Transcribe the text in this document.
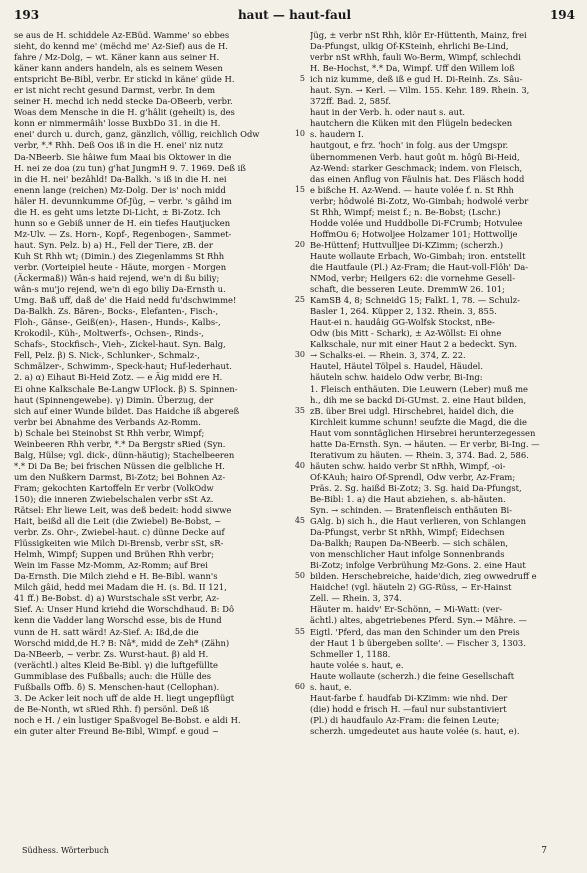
193	haut — haut-faul	194
se aus de H. schiddele Az-EBüd. Wamme' so ebbes
sieht, do kennd me' (mëchd me' Az-Sief) aus de H.
fahre / Mz-Dolg, ~ wt. Käner kann aus seiner H.
käner kann anders handeln, als es seinem Wesen
entspricht Be-Bibl, verbr. Er stickd in käne' güde H.
er ist nicht recht gesund Darmst, verbr. In dem
seiner H. mechd ich nedd stecke Da-OBeerb, verbr.
Woas dem Mensche in die H. g'hâlit (geheilt) is, des
konn er nimmermâih' losse BuxbDo 31. in die H.
enei' durch u. durch, ganz, gänzlich, völlig, reichlich Odw
verbr, *.* Rhh. Deß Oos iß in die H. enei' niz nutz
Da-NBeerb. Sie hâiwe fum Maai bis Oktower in die
H. nei ze doa (zu tun) g'hat JungmH 9. 7. 1969. Deß iß
in die H. nei' bezâhld! Da-Balkh. 's iß in die H. nei
enenn lange (reichen) Mz-Dolg. Der is' noch midd
häler H. devunnkumme Of-Jüg, ~ verbr. 's gâihd im
die H. es geht ums letzte Di-Licht, ± Bi-Zotz. Ich
hunn so e Gebiß unner de H. ein tiefes Hautjucken
Mz-Ulv. — Zs. Horn-, Kopf-, Regenbogen-, Sammet-
haut. Syn. Pelz. b) a) H., Fell der Tiere, zB. der
Kuh St Rhh wt; (Dimin.) des Ziegenlamms St Rhh
verbr. (Vorteipiel heute - Häute, morgen - Morgen
(Äckermaß)) Wân-s haid rejend, we'n di ßu biliy;
wân-s mu'jo rejend, we'n di ego biliy Da-Ernsth u.
Umg. Baß uff, daß de' die Haid nedd fu'dschwimme!
Da-Balkh. Zs. Bären-, Bocks-, Elefanten-, Fisch-,
Floh-, Gänse-, Geiß(en)-, Hasen-, Hunds-, Kalbs-,
Krokodil-, Küh-, Moltwerfs-, Ochsen-, Rinds-,
Schafs-, Stockfisch-, Vieh-, Zickel-haut. Syn. Balg,
Fell, Pelz. β) S. Nick-, Schlunker-, Schmalz-,
Schmälzer-, Schwimm-, Speck-haut; Huf-lederhaut.
2. a) α) Eihaut Bi-Heid Zotz. — e Äig midd ere H.
Ei ohne Kalkschale Be-Langw UFlock. β) S. Spinnen-
haut (Spinnengewebe). γ) Dimin. Überzug, der
sich auf einer Wunde bildet. Das Haidche iß abgereß
verbr bei Abnahme des Verbands Az-Romm.
b) Schale bei Steinobst St Rhh verbr, Wimpf;
Weinbeeren Rhh verbr, *.* Da Bergstr sRied (Syn.
Balg, Hülse; vgl. dick-, dünn-häutig); Stachelbeeren
*.* Di Da Be; bei frischen Nüssen die gelbliche H.
um den Nußkern Darmst, Bi-Zotz; bei Bohnen Az-
Fram; gekochten Kartoffeln Er verbr (VolkOdw
150); die inneren Zwiebelschalen verbr sSt Az.
Rätsel: Ehr liewe Leit, was deß bedeit: hodd siwwe
Hait, beißd all die Leit (die Zwiebel) Be-Bobst, ~
verbr. Zs. Ohr-, Zwiebel-haut. c) dünne Decke auf
Flüssigkeiten wie Milch Di-Brensb, verbr sSt, sR-
Helmh, Wimpf; Suppen und Brühen Rhh verbr;
Wein im Fasse Mz-Momm, Az-Romm; auf Brei
Da-Ernsth. Die Milch ziehd e H. Be-Bibl. wann's
Milch gâid, hedd mei Madam die H. (s. Bd. II 121,
41 ff.) Be-Bobst. d) a) Wurstschale sSt verbr, Az-
Sief. A: Unser Hund kriehd die Worschdhaud. B: Dô
kenn die Vadder lang Worschd esse, bis de Hund
vunn de H. satt wärd! Az-Sief. A: Ißd,de die
Worschd midd,de H.? B: Nâ*, midd de Zeh* (Zähn)
Da-NBeerb, ~ verbr. Zs. Wurst-haut. β) ald H.
(verächtl.) altes Kleid Be-Bibl. γ) die luftgefüllte
Gummiblase des Fußballs; auch: die Hülle des
Fußballs Offb. δ) S. Menschen-haut (Cellophan).
3. De Acker leit noch uff de alde H. liegt ungepflügt
de Be-Nonth, wt sRied Rhh. f) persönl. Deß iß
noch e H. / ein lustiger Spaßvogel Be-Bobst. e aldi H.
ein guter alter Freund Be-Bibl, Wimpf. e goud ~
5
10
15
20
25
30
35
40
45
50
55
60
Jüg, ± verbr nSt Rhh, klôr Er-Hüttenth, Mainz, frei
Da-Pfungst, ulkig Of-KSteinh, ehrlichi Be-Lind,
verbr nSt wRhh, fauli Wo-Berm, Wimpf, schlechdi
H. Be-Hochst, *.* Da, Wimpf. Uff den Willem loß
ich niz kumme, deß iß e gud H. Di-Reinh. Zs. Sâu-
haut. Syn. → Kerl. — Vilm. 155. Kehr. 189. Rhein. 3,
372ff. Bad. 2, 585f.
haut in der Verb. h. oder naut s. aut.
hautchern die Küken mit den Flügeln bedecken
s. haudern I.
hautgout, e frz. 'hoch' in folg. aus der Umgspr.
übernommenen Verb. haut goût m. hôgû Bi-Heid,
Az-Wend: starker Geschmack; indem. von Fleisch,
das einen Anflug von Fäulnis hat. Des Fläsch hodd
e bißche H. Az-Wend. — haute volée f. n. St Rhh
verbr; hôdwolé Bi-Zotz, Wo-Gimbah; hodwolé verbr
St Rhh, Wimpf; meist f.; n. Be-Bobst; (Lschr.)
Hodde volée und Huddbolle Di-FCrumb; Hotvulee
HoffmOu 6; Hotwoljee Holzamer 101; Hottwollje
Be-Hüttenf; Huttvulljee Di-KZimm; (scherzh.)
Haute wollaute Erbach, Wo-Gimbah; iron. entstellt
die Hautfaule (Pl.) Az-Fram; die Haut-voll-Flôh' Da-
NMod, verbr; Heilgers 62: die vornehme Gesell-
schaft, die besseren Leute. DremmW 26. 101;
KamSB 4, 8; SchneidG 15; FalkL 1, 78. — Schulz-
Basler 1, 264. Küpper 2, 132. Rhein. 3, 855.
Haut-ei n. haudâig GG-Wolfsk Stockst, nBe-
Odw (bis Mitt - Schark), ± Az-Wöllst: Ei ohne
Kalkschale, nur mit einer Haut 2 a bedeckt. Syn.
→ Schalks-ei. — Rhein. 3, 374, Z. 22.
Hautel, Häutel Tölpel s. Haudel, Häudel.
häuteln schw. haidelo Odw verbr, Bi-Ing:
1. Fleisch enthäuten. Die Leuwern (Leber) muß me
h., dih me se backd Di-GUmst. 2. eine Haut bilden,
zB. über Brei udgl. Hirschebrei, haidel dich, die
Kirchleit kumme schunn! seufzte die Magd, die die
Haut vom sonntäglichen Hirsebrei herunterzegessen
hatte Da-Ernsth. Syn. → häuten. — Er verbr, Bi-Ing. —
Iterativum zu häuten. — Rhein. 3, 374. Bad. 2, 586.
häuten schw. haido verbr St nRhh, Wimpf, -oi-
Of-KAuh; hairo Of-Sprendl, Odw verbr, Az-Fram;
Präs. 2. Sg. haißd Bi-Zotz; 3. Sg. haid Da-Pfungst,
Be-Bibl: 1. a) die Haut abziehen, s. ab-häuten.
Syn. → schinden. — Bratenfleisch enthäuten Bi-
GAlg. b) sich h., die Haut verlieren, von Schlangen
Da-Pfungst, verbr St nRhh, Wimpf; Eidechsen
Da-Balkh; Raupen Da-NBeerb. — sich schälen,
von menschlicher Haut infolge Sonnenbrands
Bi-Zotz; infolge Verbrühung Mz-Gons. 2. eine Haut
bilden. Herschebreiche, haide'dich, zieg owwedruff e
Haidche! (vgl. häuteln 2) GG-Rüss, ~ Er-Hainst
Zell. — Rhein. 3, 374.
Häuter m. haidv' Er-Schönn, ~ Mi-Watt: (ver-
ächtl.) altes, abgetriebenes Pferd. Syn.→ Mähre. —
Eigtl. 'Pferd, das man den Schinder um den Preis
der Haut 1 b übergeben sollte'. — Fischer 3, 1303.
Schmeller 1, 1188.
haute volée s. haut, e.
Haute wollaute (scherzh.) die feine Gesellschaft
s. haut, e.
Haut-farbe f. haudfab Di-KZimm: wie nhd. Der
(die) hodd e frisch H. —faul nur substantiviert
(Pl.) di haudfaulo Az-Fram: die feinen Leute;
scherzh. umgedeutet aus haute volée (s. haut, e).
Südhess. Wörterbuch	7
